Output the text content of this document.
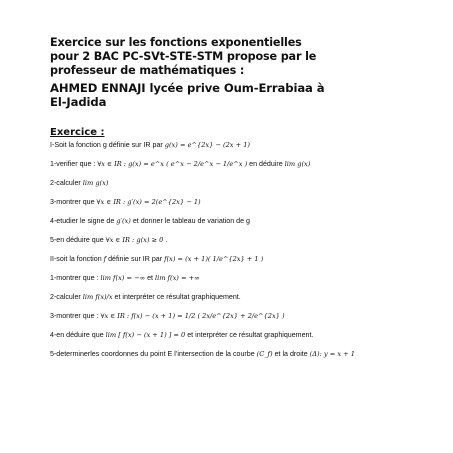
Exercice sur les fonctions exponentielles
pour 2 BAC PC-SVt-STE-STM propose par le
professeur de mathématiques :
AHMED ENNAJI lycée prive Oum-Errabiaa à
El-Jadida
Exercice :

I-Soit la fonction g définie sur IR par g(x) = e^{2x} − (2x + 1)

1-verifier que : ∀x ∈ IR : g(x) = e^x ( e^x − 2/e^x − 1/e^x ) en déduire lim g(x)

2-calculer lim g(x)

3-montrer que ∀x ∈ IR : g′(x) = 2(e^{2x} − 1)

4-etudier le signe de g′(x) et donner le tableau de variation de g

5-en déduire que ∀x ∈ IR : g(x) ≥ 0 .

II-soit la fonction f définie sur IR par f(x) = (x + 1)( 1/e^{2x} + 1 )

1-montrer que : lim f(x) = −∞ et lim f(x) = +∞

2-calculer lim f(x)/x et interpréter ce résultat graphiquement.

3-montrer que : ∀x ∈ IR : f(x) − (x + 1) = 1/2 ( 2x/e^{2x} + 2/e^{2x} )

4-en déduire que lim [ f(x) − (x + 1) ] = 0 et interpréter ce résultat graphiquement.

5-determinerles coordonnes du point E l’intersection de la courbe (C_f) et la droite (Δ): y = x + 1
